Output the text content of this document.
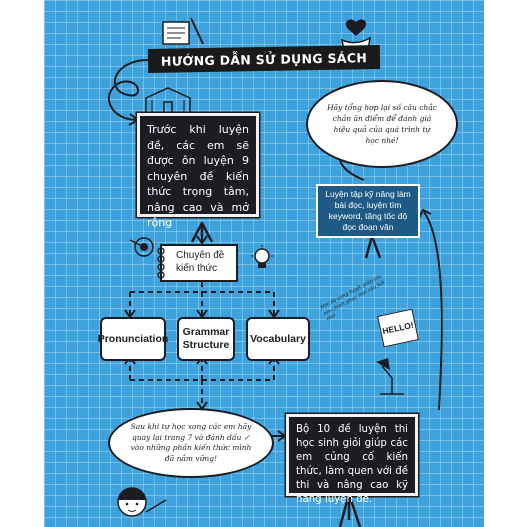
HƯỚNG DẪN SỬ DỤNG SÁCH
Trước khi luyện đề, các em sẽ được ôn luyện 9 chuyên đề kiến thức trọng tâm, nâng cao và mở rộng
Chuyên đề kiến thức
Pronunciation
Grammar Structure
Vocabulary
Hãy tổng hợp lại số câu chắc chắn ăn điểm để đánh giá hiệu quả của quá trình tự học nhé!
Luyện tập kỹ năng làm bài đọc, luyện tìm keyword, tăng tốc độ đọc đoạn văn
Học từ vựng tuyệt giúp các em chinh phục mọi câu hỏi nhé
HELLO!
Sau khi tự học xong các em hãy quay lại trang 7 và đánh dấu ✓ vào những phần kiến thức mình đã nắm vững!
Bộ 10 đề luyện thi học sinh giỏi giúp các em củng cố kiến thức, làm quen với đề thi và nâng cao kỹ năng luyện đề.
